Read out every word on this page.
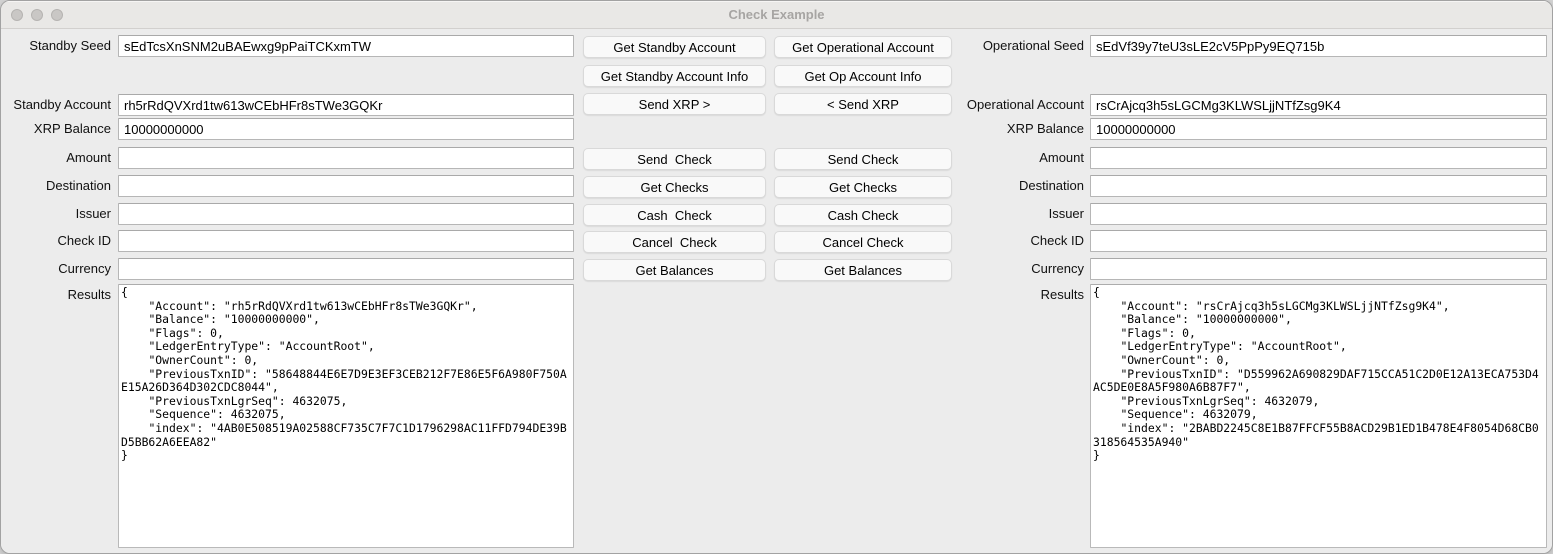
Check Example
Standby Seed
Standby Account
XRP Balance
Amount
Destination
Issuer
Check ID
Currency
Results
sEdTcsXnSNM2uBAEwxg9pPaiTCKxmTW
rh5rRdQVXrd1tw613wCEbHFr8sTWe3GQKr
10000000000
{ "Account": "rh5rRdQVXrd1tw613wCEbHFr8sTWe3GQKr", "Balance": "10000000000", "Flags": 0, "LedgerEntryType": "AccountRoot", "OwnerCount": 0, "PreviousTxnID": "58648844E6E7D9E3EF3CEB212F7E86E5F6A980F750AE15A26D364D302CDC8044", "PreviousTxnLgrSeq": 4632075, "Sequence": 4632075, "index": "4AB0E508519A02588CF735C7F7C1D1796298AC11FFD794DE39BD5BB62A6EEA82" }
Get Standby Account
Get Standby Account Info
Send XRP >
Send  Check
Get Checks
Cash  Check
Cancel  Check
Get Balances
Get Operational Account
Get Op Account Info
< Send XRP
Send Check
Get Checks
Cash Check
Cancel Check
Get Balances
Operational Seed
Operational Account
XRP Balance
Amount
Destination
Issuer
Check ID
Currency
Results
sEdVf39y7teU3sLE2cV5PpPy9EQ715b
rsCrAjcq3h5sLGCMg3KLWSLjjNTfZsg9K4
10000000000
{ "Account": "rsCrAjcq3h5sLGCMg3KLWSLjjNTfZsg9K4", "Balance": "10000000000", "Flags": 0, "LedgerEntryType": "AccountRoot", "OwnerCount": 0, "PreviousTxnID": "D559962A690829DAF715CCA51C2D0E12A13ECA753D4AC5DE0E8A5F980A6B87F7", "PreviousTxnLgrSeq": 4632079, "Sequence": 4632079, "index": "2BABD2245C8E1B87FFCF55B8ACD29B1ED1B478E4F8054D68CB0318564535A940" }
